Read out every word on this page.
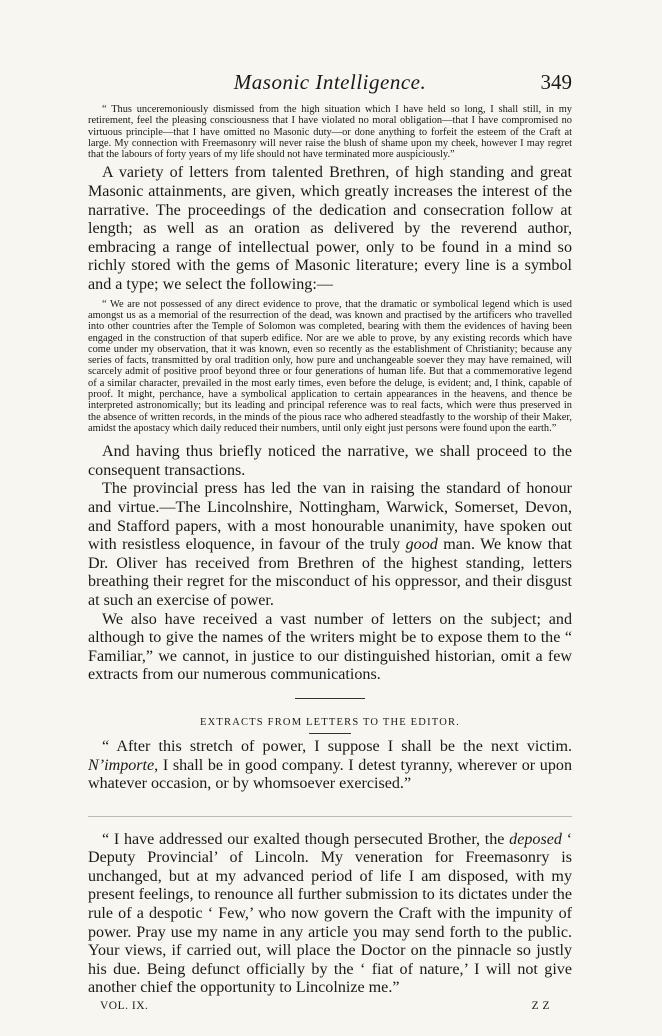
Masonic Intelligence.	349

“ Thus unceremoniously dismissed from the high situation which I have held so long, I shall still, in my retirement, feel the pleasing consciousness that I have violated no moral obligation—that I have compromised no virtuous principle—that I have omitted no Masonic duty—or done anything to forfeit the esteem of the Craft at large. My connection with Freemasonry will never raise the blush of shame upon my cheek, however I may regret that the labours of forty years of my life should not have terminated more auspiciously.”

A variety of letters from talented Brethren, of high standing and great Masonic attainments, are given, which greatly increases the interest of the narrative. The proceedings of the dedication and consecration follow at length; as well as an oration as delivered by the reverend author, embracing a range of intellectual power, only to be found in a mind so richly stored with the gems of Masonic literature; every line is a symbol and a type; we select the following:—

“ We are not possessed of any direct evidence to prove, that the dramatic or symbolical legend which is used amongst us as a memorial of the resurrection of the dead, was known and practised by the artificers who travelled into other countries after the Temple of Solomon was completed, bearing with them the evidences of having been engaged in the construction of that superb edifice. Nor are we able to prove, by any existing records which have come under my observation, that it was known, even so recently as the establishment of Christianity; because any series of facts, transmitted by oral tradition only, how pure and unchangeable soever they may have remained, will scarcely admit of positive proof beyond three or four generations of human life. But that a commemorative legend of a similar character, prevailed in the most early times, even before the deluge, is evident; and, I think, capable of proof. It might, perchance, have a symbolical application to certain appearances in the heavens, and thence be interpreted astronomically; but its leading and principal reference was to real facts, which were thus preserved in the absence of written records, in the minds of the pious race who adhered steadfastly to the worship of their Maker, amidst the apostacy which daily reduced their numbers, until only eight just persons were found upon the earth.”

And having thus briefly noticed the narrative, we shall proceed to the consequent transactions.

The provincial press has led the van in raising the standard of honour and virtue.—The Lincolnshire, Nottingham, Warwick, Somerset, Devon, and Stafford papers, with a most honourable unanimity, have spoken out with resistless eloquence, in favour of the truly good man. We know that Dr. Oliver has received from Brethren of the highest standing, letters breathing their regret for the misconduct of his oppressor, and their disgust at such an exercise of power.

We also have received a vast number of letters on the subject; and although to give the names of the writers might be to expose them to the “ Familiar,” we cannot, in justice to our distinguished historian, omit a few extracts from our numerous communications.

EXTRACTS FROM LETTERS TO THE EDITOR.

“ After this stretch of power, I suppose I shall be the next victim. N’importe, I shall be in good company. I detest tyranny, wherever or upon whatever occasion, or by whomsoever exercised.”

“ I have addressed our exalted though persecuted Brother, the deposed ‘ Deputy Provincial’ of Lincoln. My veneration for Freemasonry is unchanged, but at my advanced period of life I am disposed, with my present feelings, to renounce all further submission to its dictates under the rule of a despotic ‘ Few,’ who now govern the Craft with the impunity of power. Pray use my name in any article you may send forth to the public. Your views, if carried out, will place the Doctor on the pinnacle so justly his due. Being defunct officially by the ‘ fiat of nature,’ I will not give another chief the opportunity to Lincolnize me.”

VOL. IX.	Z Z
